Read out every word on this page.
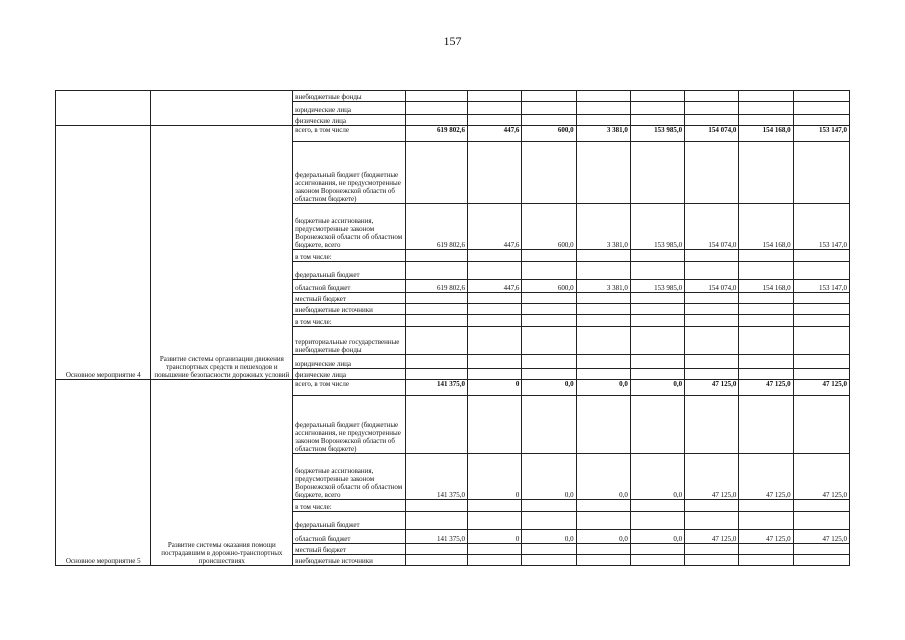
157
		внебюджетные фонды								
		юридические лица								
		физические лица								
Основное мероприятие 4	Развитие системы организации движения транспортных средств и пешеходов и повышение безопасности дорожных условий	всего, в том числе	619 802,6	447,6	600,0	3 381,0	153 985,0	154 074,0	154 168,0	153 147,0
		федеральный бюджет (бюджетные ассигнования, не предусмотренные законом Воронежской области об областном бюджете)								
		бюджетные ассигнования, предусмотренные законом Воронежской области об областном бюджете, всего	619 802,6	447,6	600,0	3 381,0	153 985,0	154 074,0	154 168,0	153 147,0
		в том числе:								
		федеральный бюджет								
		областной бюджет	619 802,6	447,6	600,0	3 381,0	153 985,0	154 074,0	154 168,0	153 147,0
		местный бюджет								
		внебюджетные источники								
		в том числе:								
		территориальные государственные внебюджетные фонды								
		юридические лица								
		физические лица								
Основное мероприятие 5	Развитие системы оказания помощи пострадавшим в дорожно-транспортных происшествиях	всего, в том числе	141 375,0	0	0,0	0,0	0,0	47 125,0	47 125,0	47 125,0
		федеральный бюджет (бюджетные ассигнования, не предусмотренные законом Воронежской области об областном бюджете)								
		бюджетные ассигнования, предусмотренные законом Воронежской области об областном бюджете, всего	141 375,0	0	0,0	0,0	0,0	47 125,0	47 125,0	47 125,0
		в том числе:								
		федеральный бюджет								
		областной бюджет	141 375,0	0	0,0	0,0	0,0	47 125,0	47 125,0	47 125,0
		местный бюджет								
		внебюджетные источники								
